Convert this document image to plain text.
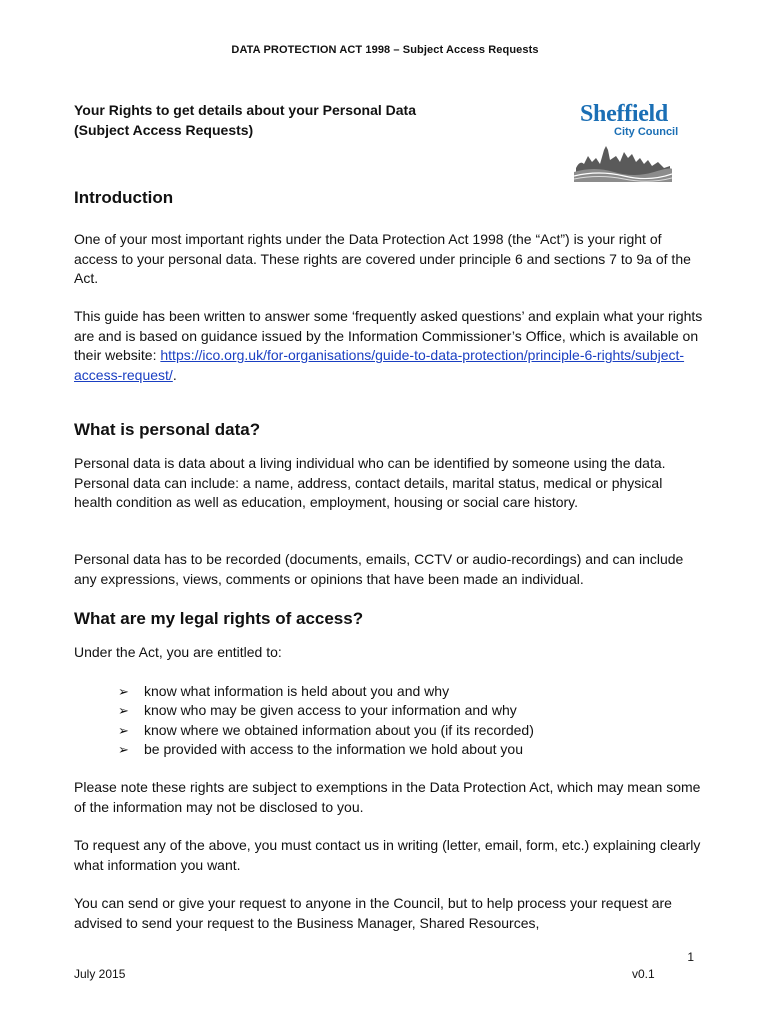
DATA PROTECTION ACT 1998 – Subject Access Requests
Your Rights to get details about your Personal Data
(Subject Access Requests)
Sheffield
City Council
Introduction

One of your most important rights under the Data Protection Act 1998 (the “Act”) is your right of access to your personal data. These rights are covered under principle 6 and sections 7 to 9a of the Act.

This guide has been written to answer some ‘frequently asked questions’ and explain what your rights are and is based on guidance issued by the Information Commissioner’s Office, which is available on their website: https://ico.org.uk/for-organisations/guide-to-data-protection/principle-6-rights/subject-access-request/.

What is personal data?

Personal data is data about a living individual who can be identified by someone using the data. Personal data can include: a name, address, contact details, marital status, medical or physical health condition as well as education, employment, housing or social care history.

Personal data has to be recorded (documents, emails, CCTV or audio-recordings) and can include any expressions, views, comments or opinions that have been made an individual.

What are my legal rights of access?

Under the Act, you are entitled to:

➢ know what information is held about you and why
➢ know who may be given access to your information and why
➢ know where we obtained information about you (if its recorded)
➢ be provided with access to the information we hold about you

Please note these rights are subject to exemptions in the Data Protection Act, which may mean some of the information may not be disclosed to you.

To request any of the above, you must contact us in writing (letter, email, form, etc.) explaining clearly what information you want.

You can send or give your request to anyone in the Council, but to help process your request are advised to send your request to the Business Manager, Shared Resources,

1
July 2015	v0.1
